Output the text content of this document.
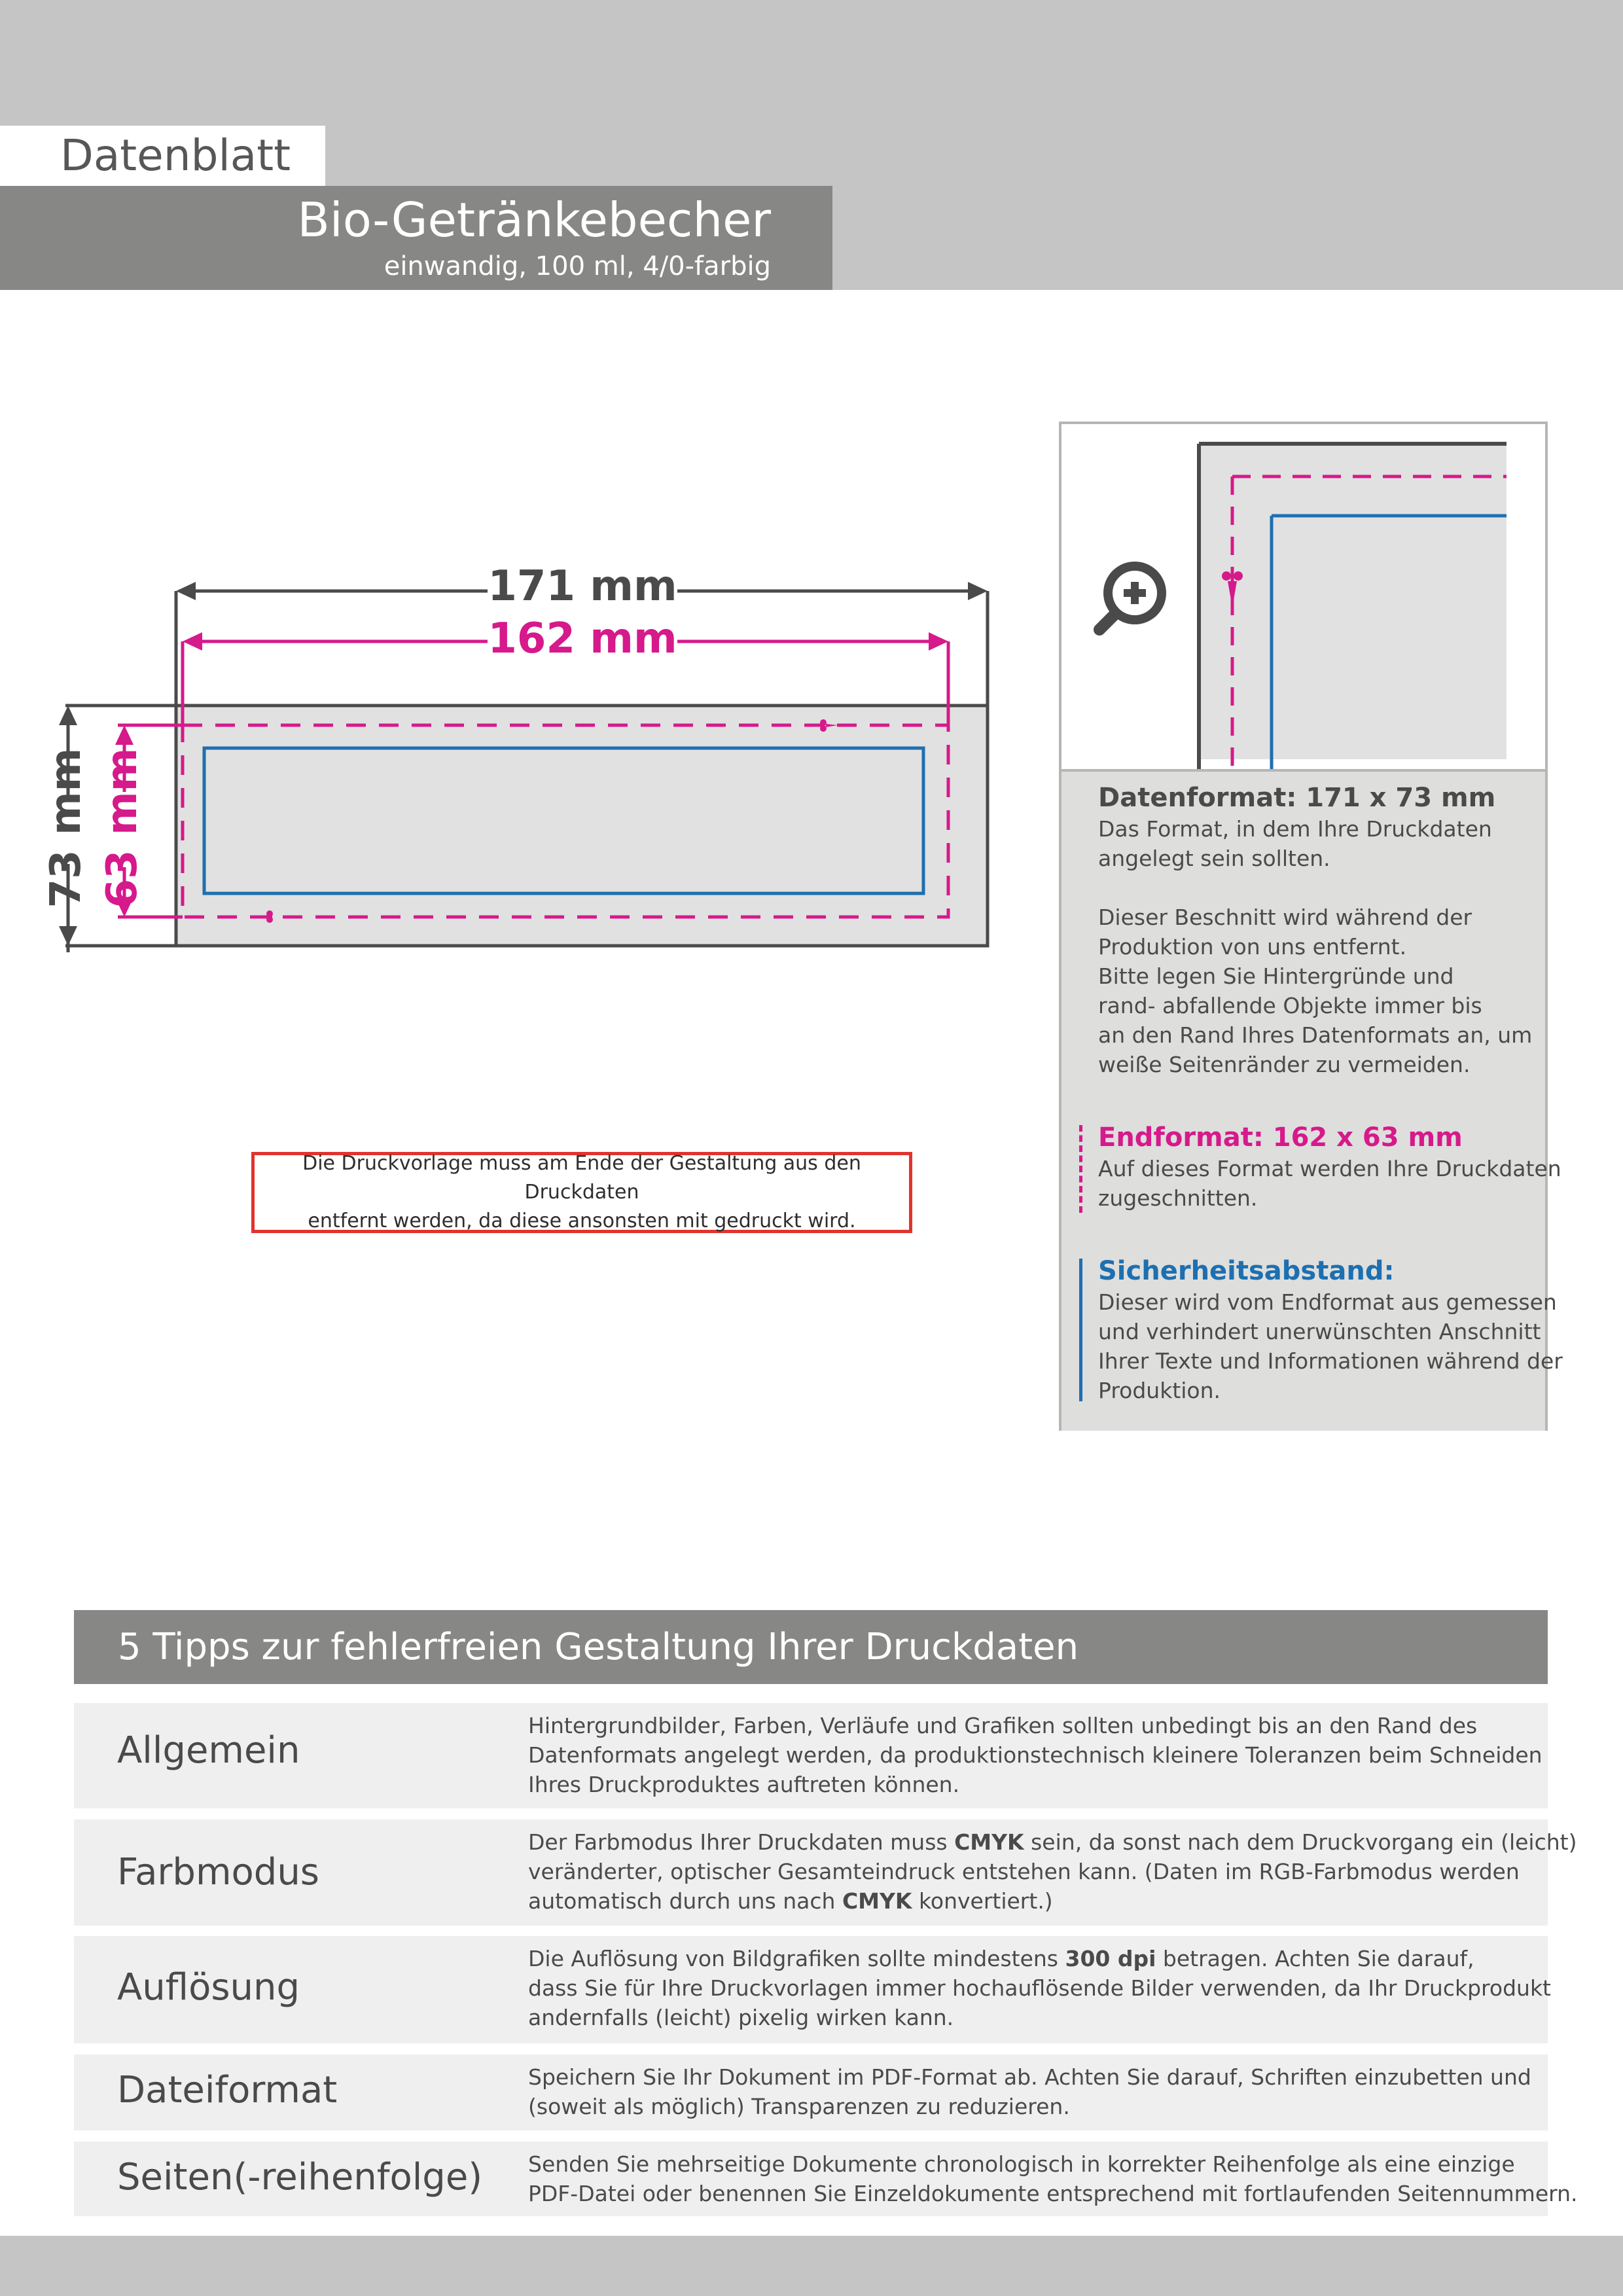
Datenblatt
Bio-Getränkebecher
einwandig, 100 ml, 4/0-farbig
171 mm
162 mm
73 mm 63 mm
Die Druckvorlage muss am Ende der Gestaltung aus den Druckdaten
entfernt werden, da diese ansonsten mit gedruckt wird.
Datenformat: 171 x 73 mm
Das Format, in dem Ihre Druckdaten
angelegt sein sollten.
Dieser Beschnitt wird während der
Produktion von uns entfernt.
Bitte legen Sie Hintergründe und
rand- abfallende Objekte immer bis
an den Rand Ihres Datenformats an, um
weiße Seitenränder zu vermeiden.
Endformat: 162 x 63 mm
Auf dieses Format werden Ihre Druckdaten
zugeschnitten.
Sicherheitsabstand:
Dieser wird vom Endformat aus gemessen
und verhindert unerwünschten Anschnitt
Ihrer Texte und Informationen während der
Produktion.
5 Tipps zur fehlerfreien Gestaltung Ihrer Druckdaten
Allgemein
Hintergrundbilder, Farben, Verläufe und Grafiken sollten unbedingt bis an den Rand des
Datenformats angelegt werden, da produktionstechnisch kleinere Toleranzen beim Schneiden
Ihres Druckproduktes auftreten können.
Farbmodus
Der Farbmodus Ihrer Druckdaten muss CMYK sein, da sonst nach dem Druckvorgang ein (leicht)
veränderter, optischer Gesamteindruck entstehen kann. (Daten im RGB-Farbmodus werden
automatisch durch uns nach CMYK konvertiert.)
Auflösung
Die Auflösung von Bildgrafiken sollte mindestens 300 dpi betragen. Achten Sie darauf,
dass Sie für Ihre Druckvorlagen immer hochauflösende Bilder verwenden, da Ihr Druckprodukt
andernfalls (leicht) pixelig wirken kann.
Dateiformat	Speichern Sie Ihr Dokument im PDF-Format ab. Achten Sie darauf, Schriften einzubetten und
(soweit als möglich) Transparenzen zu reduzieren.
Seiten(-reihenfolge) Senden Sie mehrseitige Dokumente chronologisch in korrekter Reihenfolge als eine einzige
PDF-Datei oder benennen Sie Einzeldokumente entsprechend mit fortlaufenden Seitennummern.
